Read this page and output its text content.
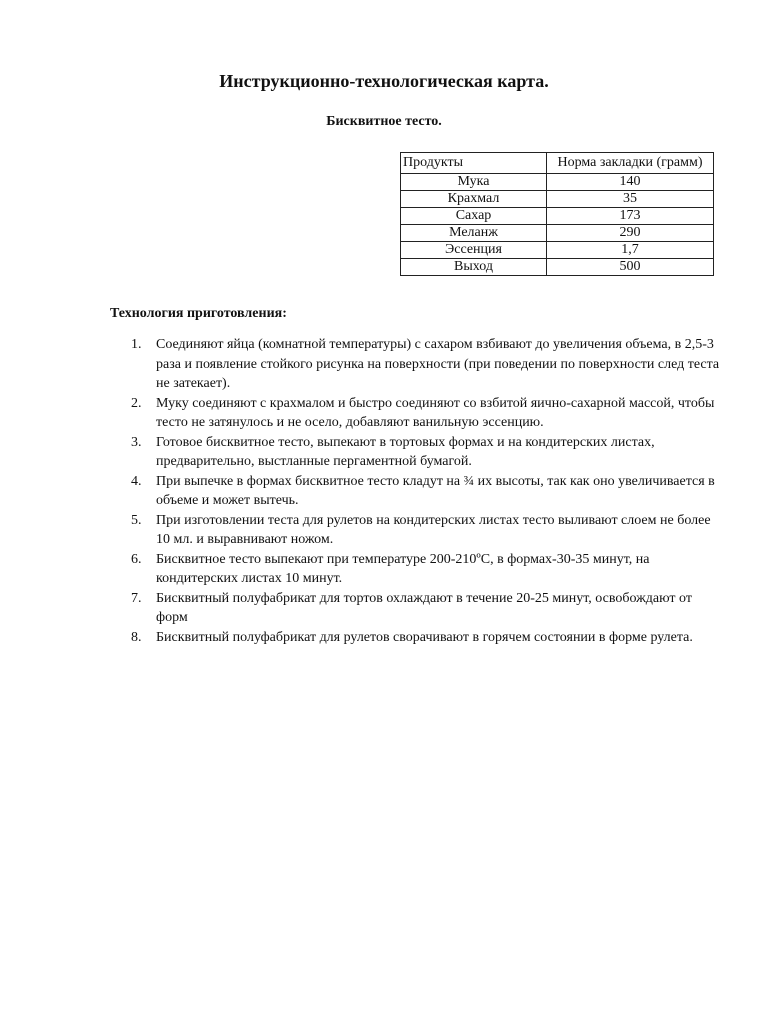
Инструкционно-технологическая карта.
Бисквитное тесто.
Продукты	Норма закладки (грамм)
Мука	140
Крахмал	35
Сахар	173
Меланж	290
Эссенция	1,7
Выход	500
Технология приготовления:
1. Соединяют яйца (комнатной температуры) с сахаром взбивают до увеличения объема, в 2,5-3 раза и появление стойкого рисунка на поверхности (при поведении по поверхности след теста не затекает).
2. Муку соединяют с крахмалом и быстро соединяют со взбитой яично-сахарной массой, чтобы тесто не затянулось и не осело, добавляют ванильную эссенцию.
3. Готовое бисквитное тесто, выпекают в тортовых формах и на кондитерских листах, предварительно, выстланные пергаментной бумагой.
4. При выпечке в формах бисквитное тесто кладут на ¾ их высоты, так как оно увеличивается в объеме и может вытечь.
5. При изготовлении теста для рулетов на кондитерских листах тесто выливают слоем не более 10 мл. и выравнивают ножом.
6. Бисквитное тесто выпекают при температуре 200-210ºС, в формах-30-35 минут, на кондитерских листах 10 минут.
7. Бисквитный полуфабрикат для тортов охлаждают в течение 20-25 минут, освобождают от форм
8. Бисквитный полуфабрикат для рулетов сворачивают в горячем состоянии в форме рулета.
